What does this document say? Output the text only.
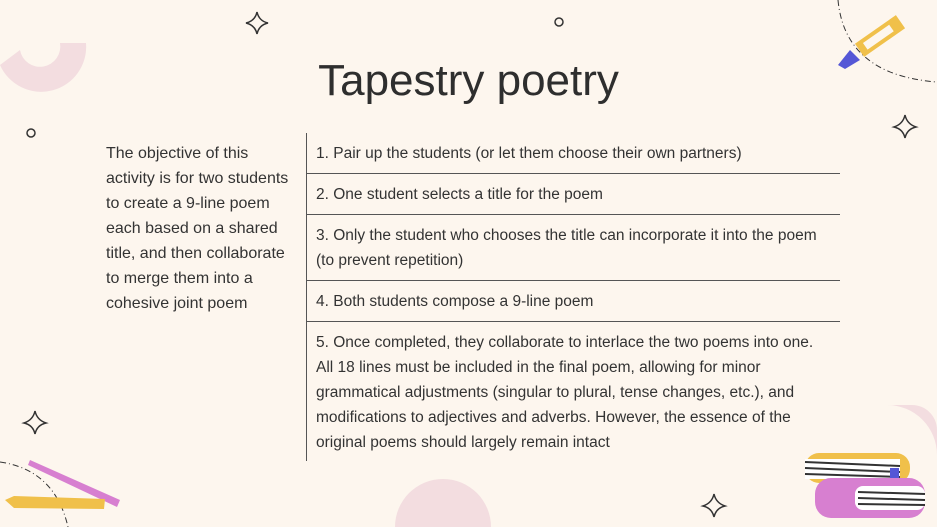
Tapestry poetry
The objective of this activity is for two students to create a 9-line poem each based on a shared title, and then collaborate to merge them into a cohesive joint poem
1. Pair up the students (or let them choose their own partners)
2. One student selects a title for the poem
3. Only the student who chooses the title can incorporate it into the poem (to prevent repetition)
4. Both students compose a 9-line poem
5. Once completed, they collaborate to interlace the two poems into one. All 18 lines must be included in the final poem, allowing for minor grammatical adjustments (singular to plural, tense changes, etc.), and modifications to adjectives and adverbs. However, the essence of the original poems should largely remain intact
